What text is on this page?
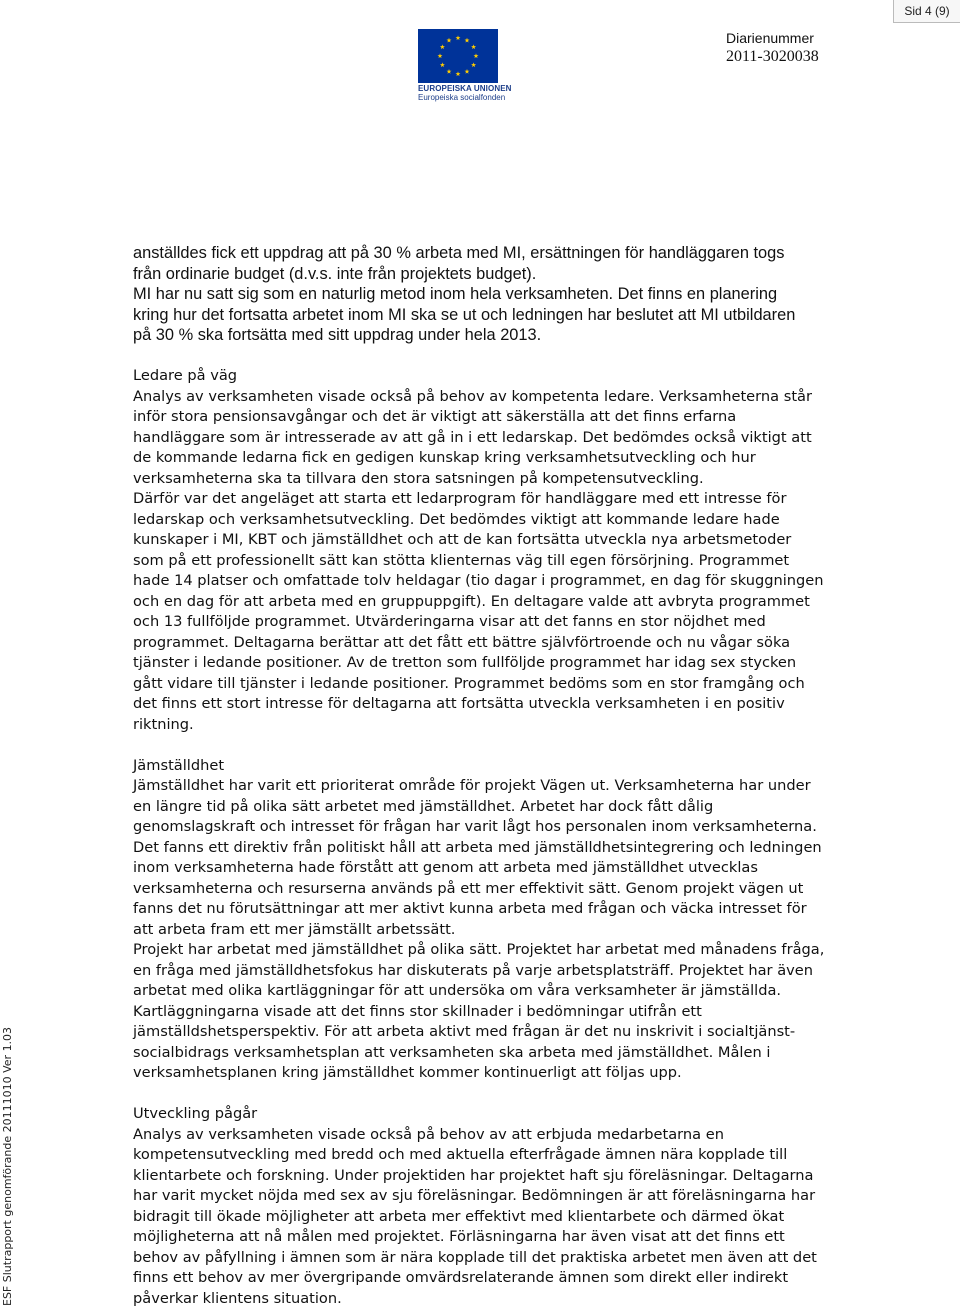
Sid 4 (9)
EUROPEISKA UNIONEN
Europeiska socialfonden
Diarienummer
2011-3020038
ESF Slutrapport genomförande 20111010 Ver 1.03

anställdes fick ett uppdrag att på 30 % arbeta med MI, ersättningen för handläggaren togs

från ordinarie budget (d.v.s. inte från projektets budget).

MI har nu satt sig som en naturlig metod inom hela verksamheten. Det finns en planering

kring hur det fortsatta arbetet inom MI ska se ut och ledningen har beslutet att MI utbildaren

på 30 % ska fortsätta med sitt uppdrag under hela 2013.

Ledare på väg

Analys av verksamheten visade också på behov av kompetenta ledare. Verksamheterna står

inför stora pensionsavgångar och det är viktigt att säkerställa att det finns erfarna

handläggare som är intresserade av att gå in i ett ledarskap. Det bedömdes också viktigt att

de kommande ledarna fick en gedigen kunskap kring verksamhetsutveckling och hur

verksamheterna ska ta tillvara den stora satsningen på kompetensutveckling.

Därför var det angeläget att starta ett ledarprogram för handläggare med ett intresse för

ledarskap och verksamhetsutveckling. Det bedömdes viktigt att kommande ledare hade

kunskaper i MI, KBT och jämställdhet och att de kan fortsätta utveckla nya arbetsmetoder

som på ett professionellt sätt kan stötta klienternas väg till egen försörjning. Programmet

hade 14 platser och omfattade tolv heldagar (tio dagar i programmet, en dag för skuggningen

och en dag för att arbeta med en gruppuppgift). En deltagare valde att avbryta programmet

och 13 fullföljde programmet. Utvärderingarna visar att det fanns en stor nöjdhet med

programmet. Deltagarna berättar att det fått ett bättre självförtroende och nu vågar söka

tjänster i ledande positioner. Av de tretton som fullföljde programmet har idag sex stycken

gått vidare till tjänster i ledande positioner. Programmet bedöms som en stor framgång och

det finns ett stort intresse för deltagarna att fortsätta utveckla verksamheten i en positiv

riktning.

Jämställdhet

Jämställdhet har varit ett prioriterat område för projekt Vägen ut. Verksamheterna har under

en längre tid på olika sätt arbetet med jämställdhet. Arbetet har dock fått dålig

genomslagskraft och intresset för frågan har varit lågt hos personalen inom verksamheterna.

Det fanns ett direktiv från politiskt håll att arbeta med jämställdhetsintegrering och ledningen

inom verksamheterna hade förstått att genom att arbeta med jämställdhet utvecklas

verksamheterna och resurserna används på ett mer effektivit sätt. Genom projekt vägen ut

fanns det nu förutsättningar att mer aktivt kunna arbeta med frågan och väcka intresset för

att arbeta fram ett mer jämställt arbetssätt.

Projekt har arbetat med jämställdhet på olika sätt. Projektet har arbetat med månadens fråga,

en fråga med jämställdhetsfokus har diskuterats på varje arbetsplatsträff. Projektet har även

arbetat med olika kartläggningar för att undersöka om våra verksamheter är jämställda.

Kartläggningarna visade att det finns stor skillnader i bedömningar utifrån ett

jämställdshetsperspektiv. För att arbeta aktivt med frågan är det nu inskrivit i socialtjänst-

socialbidrags verksamhetsplan att verksamheten ska arbeta med jämställdhet. Målen i

verksamhetsplanen kring jämställdhet kommer kontinuerligt att följas upp.

Utveckling pågår

Analys av verksamheten visade också på behov av att erbjuda medarbetarna en

kompetensutveckling med bredd och med aktuella efterfrågade ämnen nära kopplade till

klientarbete och forskning. Under projektiden har projektet haft sju föreläsningar. Deltagarna

har varit mycket nöjda med sex av sju föreläsningar. Bedömningen är att föreläsningarna har

bidragit till ökade möjligheter att arbeta mer effektivt med klientarbete och därmed ökat

möjligheterna att nå målen med projektet. Förläsningarna har även visat att det finns ett

behov av påfyllning i ämnen som är nära kopplade till det praktiska arbetet men även att det

finns ett behov av mer övergripande omvärdsrelaterande ämnen som direkt eller indirekt

påverkar klientens situation.
